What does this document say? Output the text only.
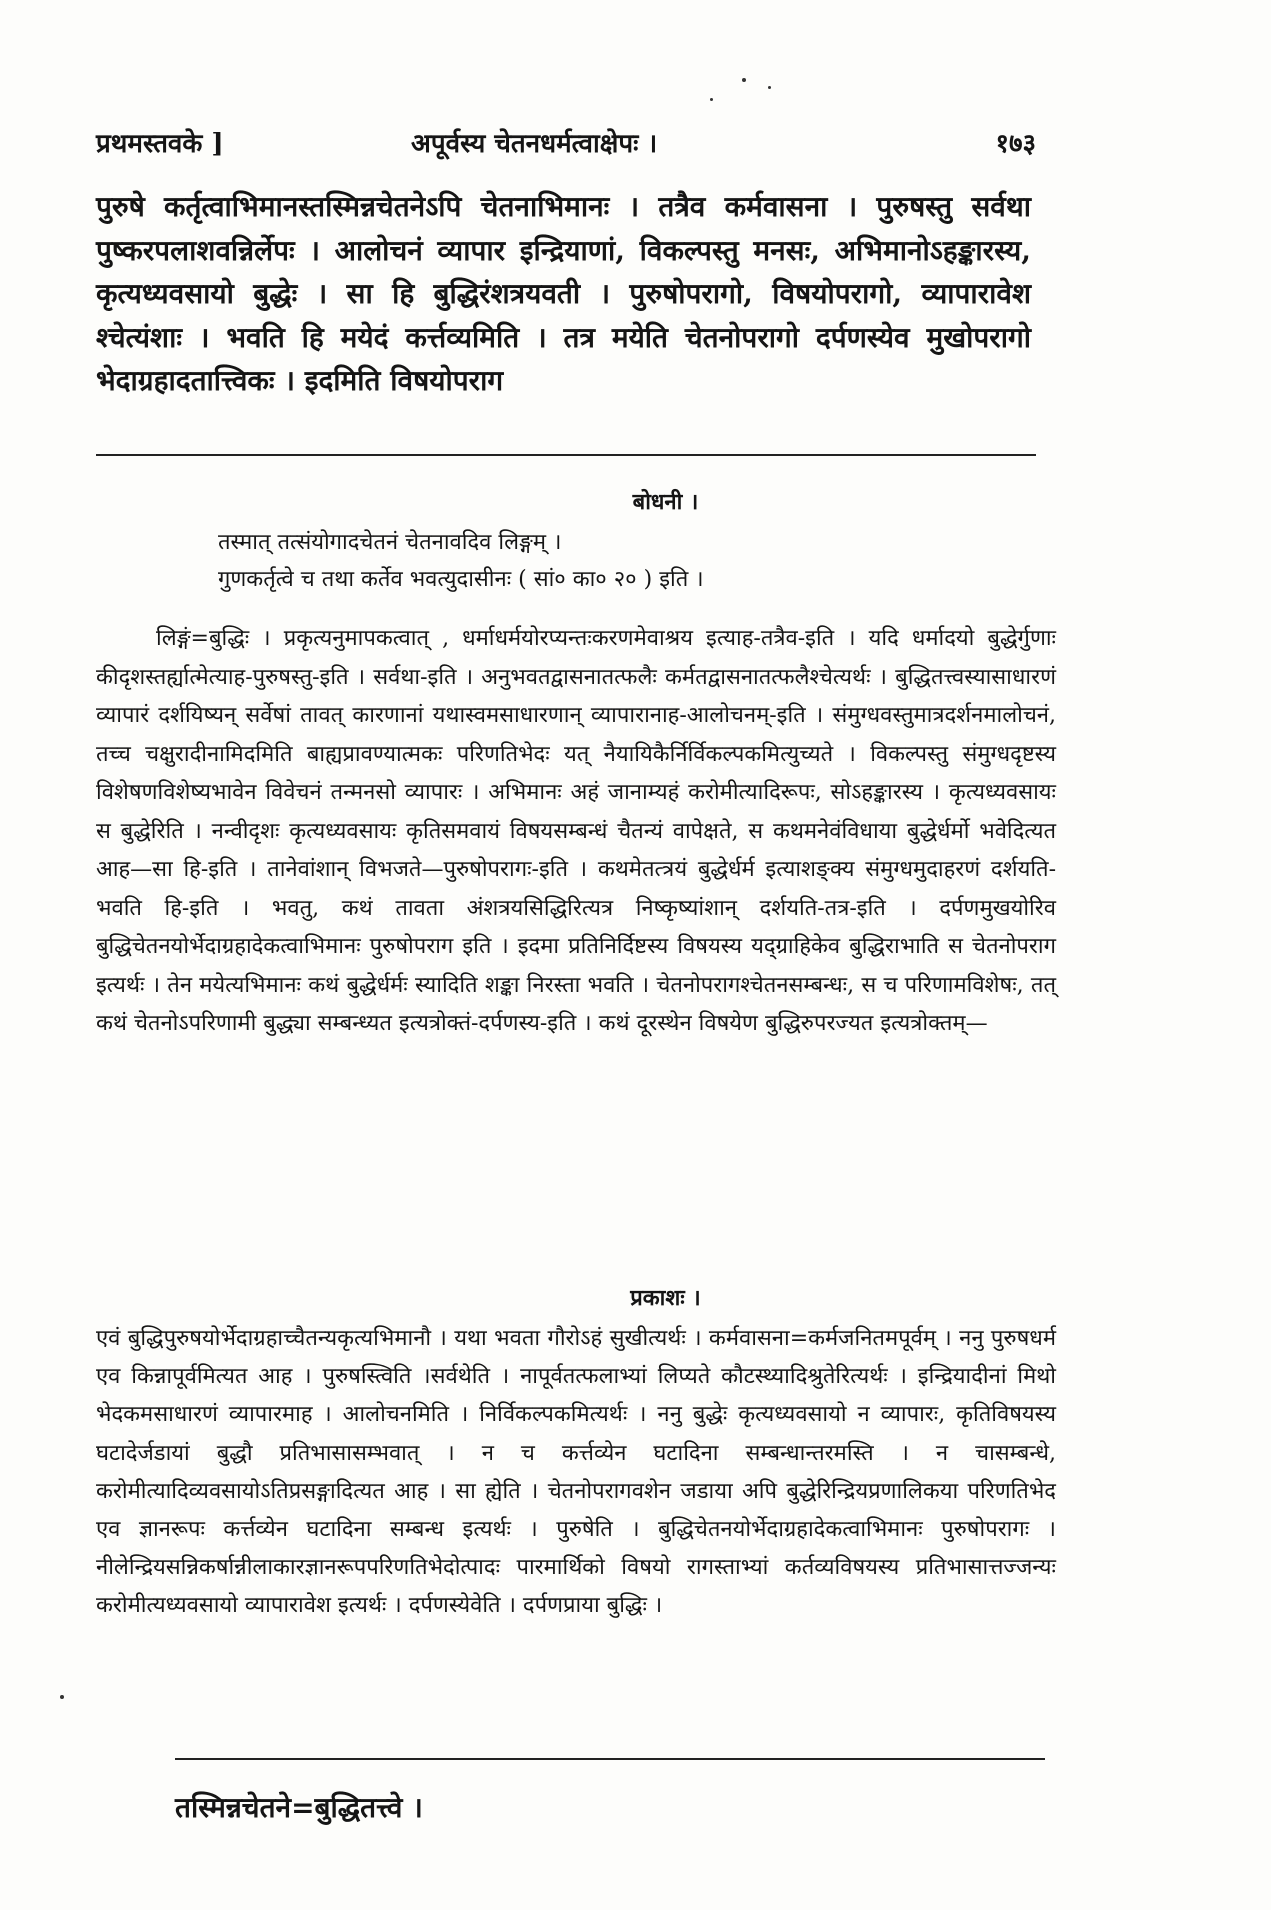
प्रथमस्तवके ]	अपूर्वस्य चेतनधर्मत्वाक्षेपः ।	१७३
पुरुषे कर्तृत्वाभिमानस्तस्मिन्नचेतनेऽपि चेतनाभिमानः । तत्रैव कर्मवासना । पुरुषस्तु सर्वथा पुष्करपलाशवन्निर्लेपः । आलोचनं व्यापार इन्द्रियाणां, विकल्पस्तु मनसः, अभिमानोऽहङ्कारस्य, कृत्यध्यवसायो बुद्धेः । सा हि बुद्धिरंशत्रयवती । पुरुषोपरागो, विषयोपरागो, व्यापारावेश श्चेत्यंशाः । भवति हि मयेदं कर्त्तव्यमिति । तत्र मयेति चेतनोपरागो दर्पणस्येव मुखोपरागो भेदाग्रहादतात्त्विकः । इदमिति विषयोपराग
बोधनी ।
तस्मात् तत्संयोगादचेतनं चेतनावदिव लिङ्गम् ।
गुणकर्तृत्वे च तथा कर्तेव भवत्युदासीनः ( सां० का० २० ) इति ।
लिङ्गं=बुद्धिः । प्रकृत्यनुमापकत्वात् , धर्माधर्मयोरप्यन्तःकरणमेवाश्रय इत्याह-तत्रैव-इति । यदि धर्मादयो बुद्धेर्गुणाः कीदृशस्तर्ह्यात्मेत्याह-पुरुषस्तु-इति । सर्वथा-इति । अनुभवतद्वासनातत्फलैः कर्मतद्वासनातत्फलैश्चेत्यर्थः । बुद्धितत्त्वस्यासाधारणं व्यापारं दर्शयिष्यन् सर्वेषां तावत् कारणानां यथास्वमसाधारणान् व्यापारानाह-आलोचनम्-इति । संमुग्धवस्तुमात्रदर्शनमालोचनं, तच्च चक्षुरादीनामिदमिति बाह्यप्रावण्यात्मकः परिणतिभेदः यत् नैयायिकैर्निर्विकल्पकमित्युच्यते । विकल्पस्तु संमुग्धदृष्टस्य विशेषणविशेष्यभावेन विवेचनं तन्मनसो व्यापारः । अभिमानः अहं जानाम्यहं करोमीत्यादिरूपः, सोऽहङ्कारस्य । कृत्यध्यवसायः स बुद्धेरिति । नन्वीदृशः कृत्यध्यवसायः कृतिसमवायं विषयसम्बन्धं चैतन्यं वापेक्षते, स कथमनेवंविधाया बुद्धेर्धर्मो भवेदित्यत आह—सा हि-इति । तानेवांशान् विभजते—पुरुषोपरागः-इति । कथमेतत्त्रयं बुद्धेर्धर्म इत्याशङ्क्य संमुग्धमुदाहरणं दर्शयति-भवति हि-इति । भवतु, कथं तावता अंशत्रयसिद्धिरित्यत्र निष्कृष्यांशान् दर्शयति-तत्र-इति । दर्पणमुखयोरिव बुद्धिचेतनयोर्भेदाग्रहादेकत्वाभिमानः पुरुषोपराग इति । इदमा प्रतिनिर्दिष्टस्य विषयस्य यद्ग्राहिकेव बुद्धिराभाति स चेतनोपराग इत्यर्थः । तेन मयेत्यभिमानः कथं बुद्धेर्धर्मः स्यादिति शङ्का निरस्ता भवति । चेतनोपरागश्चेतनसम्बन्धः, स च परिणामविशेषः, तत् कथं चेतनोऽपरिणामी बुद्ध्या सम्बन्ध्यत इत्यत्रोक्तं-दर्पणस्य-इति । कथं दूरस्थेन विषयेण बुद्धिरुपरज्यत इत्यत्रोक्तम्—
प्रकाशः ।
एवं बुद्धिपुरुषयोर्भेदाग्रहाच्चैतन्यकृत्यभिमानौ । यथा भवता गौरोऽहं सुखीत्यर्थः । कर्मवासना=कर्मजनितमपूर्वम् । ननु पुरुषधर्म एव किन्नापूर्वमित्यत आह । पुरुषस्त्विति ।सर्वथेति । नापूर्वतत्फलाभ्यां लिप्यते कौटस्थ्यादिश्रुतेरित्यर्थः । इन्द्रियादीनां मिथो भेदकमसाधारणं व्यापारमाह । आलोचनमिति । निर्विकल्पकमित्यर्थः । ननु बुद्धेः कृत्यध्यवसायो न व्यापारः, कृतिविषयस्य घटादेर्जडायां बुद्धौ प्रतिभासासम्भवात् । न च कर्त्तव्येन घटादिना सम्बन्धान्तरमस्ति । न चासम्बन्धे, करोमीत्यादिव्यवसायोऽतिप्रसङ्गादित्यत आह । सा ह्येति । चेतनोपरागवशेन जडाया अपि बुद्धेरिन्द्रियप्रणालिकया परिणतिभेद एव ज्ञानरूपः कर्त्तव्येन घटादिना सम्बन्ध इत्यर्थः । पुरुषेति । बुद्धिचेतनयोर्भेदाग्रहादेकत्वाभिमानः पुरुषोपरागः । नीलेन्द्रियसन्निकर्षान्नीलाकारज्ञानरूपपरिणतिभेदोत्पादः पारमार्थिको विषयो रागस्ताभ्यां कर्तव्यविषयस्य प्रतिभासात्तज्जन्यः करोमीत्यध्यवसायो व्यापारावेश इत्यर्थः । दर्पणस्येवेति । दर्पणप्राया बुद्धिः ।
तस्मिन्नचेतने=बुद्धितत्त्वे ।
